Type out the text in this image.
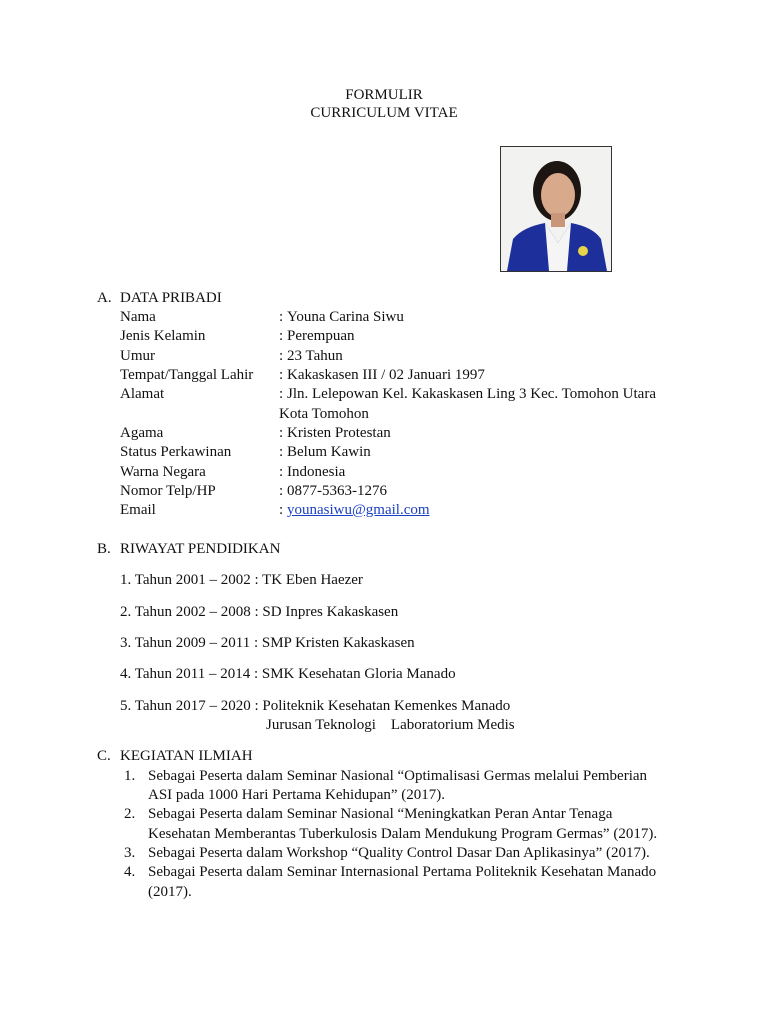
FORMULIR
CURRICULUM VITAE
A. DATA PRIBADI
Nama	: Youna Carina Siwu
Jenis Kelamin	: Perempuan
Umur	: 23 Tahun
Tempat/Tanggal Lahir : Kakaskasen III / 02 Januari 1997
Alamat	: Jln. Lelepowan Kel. Kakaskasen Ling 3 Kec. Tomohon Utara
Kota Tomohon
Agama	: Kristen Protestan
Status Perkawinan	: Belum Kawin
Warna Negara	: Indonesia
Nomor Telp/HP	: 0877-5363-1276
Email	: younasiwu@gmail.com
B. RIWAYAT PENDIDIKAN
1. Tahun 2001 – 2002 : TK Eben Haezer
2. Tahun 2002 – 2008 : SD Inpres Kakaskasen
3. Tahun 2009 – 2011 : SMP Kristen Kakaskasen
4. Tahun 2011 – 2014 : SMK Kesehatan Gloria Manado
5. Tahun 2017 – 2020 : Politeknik Kesehatan Kemenkes Manado
Jurusan Teknologi    Laboratorium Medis
C. KEGIATAN ILMIAH
1. Sebagai Peserta dalam Seminar Nasional “Optimalisasi Germas melalui Pemberian
ASI pada 1000 Hari Pertama Kehidupan” (2017).
2. Sebagai Peserta dalam Seminar Nasional “Meningkatkan Peran Antar Tenaga
Kesehatan Memberantas Tuberkulosis Dalam Mendukung Program Germas” (2017).
3. Sebagai Peserta dalam Workshop “Quality Control Dasar Dan Aplikasinya” (2017).
4. Sebagai Peserta dalam Seminar Internasional Pertama Politeknik Kesehatan Manado
(2017).
